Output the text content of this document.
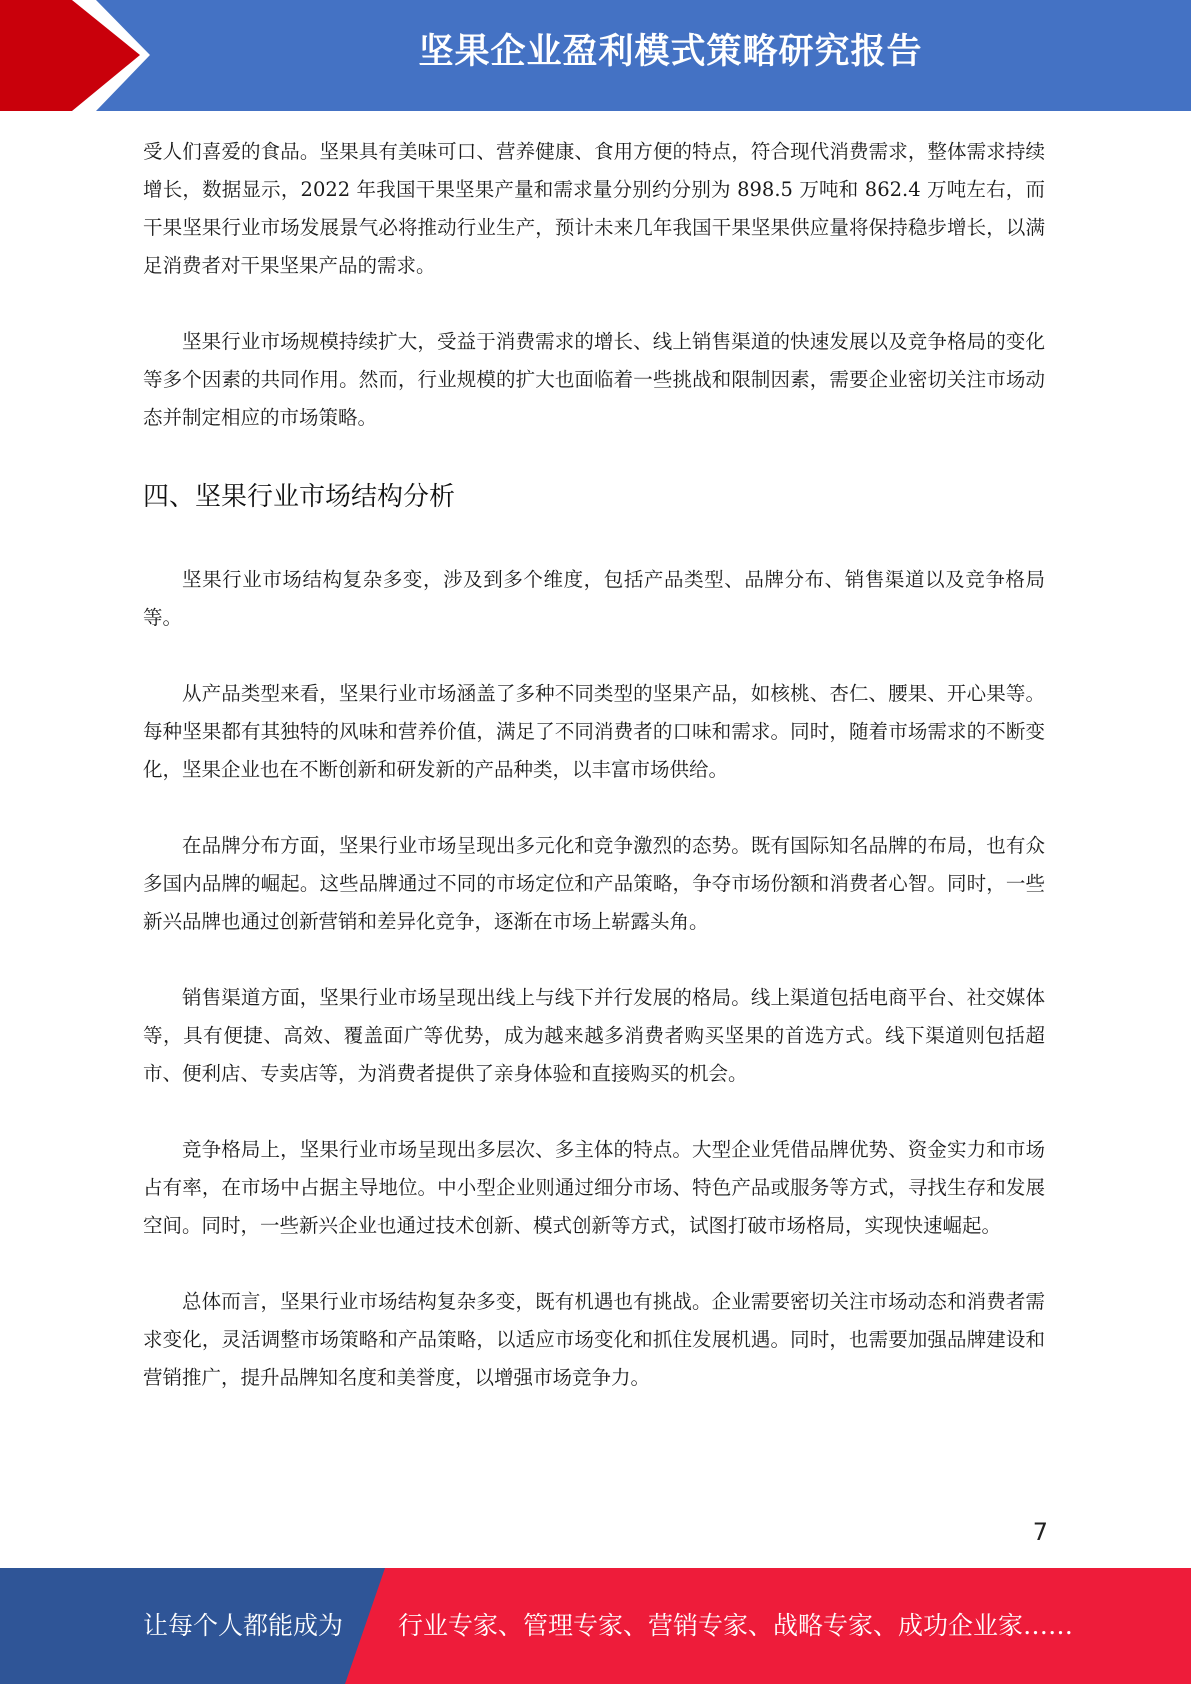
坚果企业盈利模式策略研究报告

受人们喜爱的食品。坚果具有美味可口、营养健康、食用方便的特点，符合现代消费需求，整体需求持续增长，数据显示，2022 年我国干果坚果产量和需求量分别约分别为 898.5 万吨和 862.4 万吨左右，而干果坚果行业市场发展景气必将推动行业生产，预计未来几年我国干果坚果供应量将保持稳步增长，以满足消费者对干果坚果产品的需求。

坚果行业市场规模持续扩大，受益于消费需求的增长、线上销售渠道的快速发展以及竞争格局的变化等多个因素的共同作用。然而，行业规模的扩大也面临着一些挑战和限制因素，需要企业密切关注市场动态并制定相应的市场策略。

四、坚果行业市场结构分析

坚果行业市场结构复杂多变，涉及到多个维度，包括产品类型、品牌分布、销售渠道以及竞争格局等。

从产品类型来看，坚果行业市场涵盖了多种不同类型的坚果产品，如核桃、杏仁、腰果、开心果等。每种坚果都有其独特的风味和营养价值，满足了不同消费者的口味和需求。同时，随着市场需求的不断变化，坚果企业也在不断创新和研发新的产品种类，以丰富市场供给。

在品牌分布方面，坚果行业市场呈现出多元化和竞争激烈的态势。既有国际知名品牌的布局，也有众多国内品牌的崛起。这些品牌通过不同的市场定位和产品策略，争夺市场份额和消费者心智。同时，一些新兴品牌也通过创新营销和差异化竞争，逐渐在市场上崭露头角。

销售渠道方面，坚果行业市场呈现出线上与线下并行发展的格局。线上渠道包括电商平台、社交媒体等，具有便捷、高效、覆盖面广等优势，成为越来越多消费者购买坚果的首选方式。线下渠道则包括超市、便利店、专卖店等，为消费者提供了亲身体验和直接购买的机会。

竞争格局上，坚果行业市场呈现出多层次、多主体的特点。大型企业凭借品牌优势、资金实力和市场占有率，在市场中占据主导地位。中小型企业则通过细分市场、特色产品或服务等方式，寻找生存和发展空间。同时，一些新兴企业也通过技术创新、模式创新等方式，试图打破市场格局，实现快速崛起。

总体而言，坚果行业市场结构复杂多变，既有机遇也有挑战。企业需要密切关注市场动态和消费者需求变化，灵活调整市场策略和产品策略，以适应市场变化和抓住发展机遇。同时，也需要加强品牌建设和营销推广，提升品牌知名度和美誉度，以增强市场竞争力。

7
让每个人都能成为 行业专家、管理专家、营销专家、战略专家、成功企业家……
